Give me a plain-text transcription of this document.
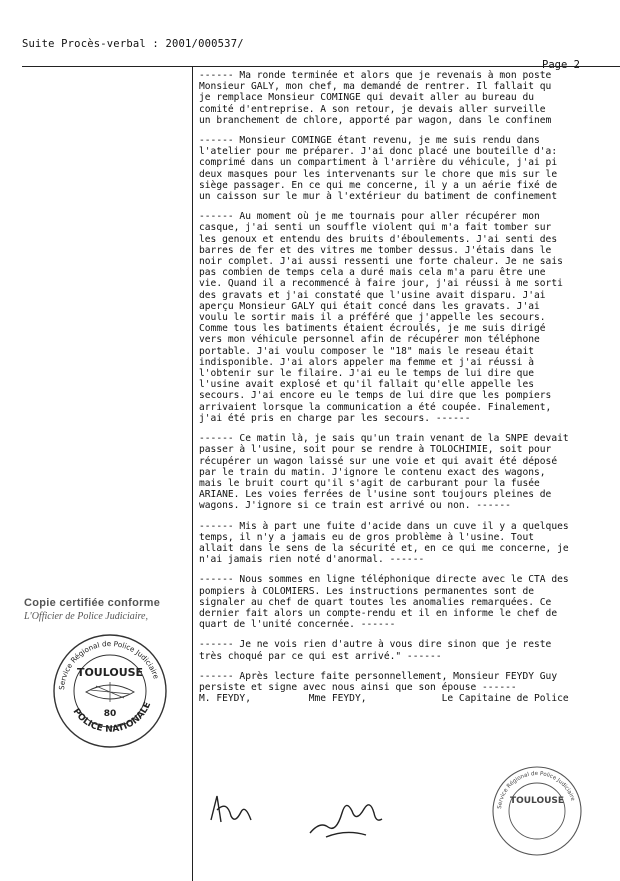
Suite Procès-verbal : 2001/000537/
Page 2
Copie certifiée conforme
L'Officier de Police Judiciaire,
Service Régional de Police Judiciaire
POLICE NATIONALE
TOULOUSE
80

------ Ma ronde terminée et alors que je revenais à mon poste
Monsieur GALY, mon chef, ma demandé de rentrer. Il fallait qu
je remplace Monsieur COMINGE qui devait aller au bureau du
comité d'entreprise. A son retour, je devais aller surveille
un branchement de chlore, apporté par wagon, dans le confinem

------ Monsieur COMINGE étant revenu, je me suis rendu dans
l'atelier pour me préparer. J'ai donc placé une bouteille d'a:
comprimé dans un compartiment à l'arrière du véhicule, j'ai pi
deux masques pour les intervenants sur le chore que mis sur le
siège passager. En ce qui me concerne, il y a un aérie fixé de
un caisson sur le mur à l'extérieur du batiment de confinement

------ Au moment où je me tournais pour aller récupérer mon
casque, j'ai senti un souffle violent qui m'a fait tomber sur
les genoux et entendu des bruits d'éboulements. J'ai senti des
barres de fer et des vitres me tomber dessus. J'étais dans le
noir complet. J'ai aussi ressenti une forte chaleur. Je ne sais
pas combien de temps cela a duré mais cela m'a paru être une
vie. Quand il a recommencé à faire jour, j'ai réussi à me sorti
des gravats et j'ai constaté que l'usine avait disparu. J'ai
aperçu Monsieur GALY qui était concé dans les gravats. J'ai
voulu le sortir mais il a préféré que j'appelle les secours.
Comme tous les batiments étaient écroulés, je me suis dirigé
vers mon véhicule personnel afin de récupérer mon téléphone
portable. J'ai voulu composer le "18" mais le reseau était
indisponible. J'ai alors appeler ma femme et j'ai réussi à
l'obtenir sur le filaire. J'ai eu le temps de lui dire que
l'usine avait explosé et qu'il fallait qu'elle appelle les
secours. J'ai encore eu le temps de lui dire que les pompiers
arrivaient lorsque la communication a été coupée. Finalement,
j'ai été pris en charge par les secours. ------

------ Ce matin là, je sais qu'un train venant de la SNPE devait
passer à l'usine, soit pour se rendre à TOLOCHIMIE, soit pour
récupérer un wagon laissé sur une voie et qui avait été déposé
par le train du matin. J'ignore le contenu exact des wagons,
mais le bruit court qu'il s'agit de carburant pour la fusée
ARIANE. Les voies ferrées de l'usine sont toujours pleines de
wagons. J'ignore si ce train est arrivé ou non. ------

------ Mis à part une fuite d'acide dans un cuve il y a quelques
temps, il n'y a jamais eu de gros problème à l'usine. Tout
allait dans le sens de la sécurité et, en ce qui me concerne, je
n'ai jamais rien noté d'anormal. ------

------ Nous sommes en ligne téléphonique directe avec le CTA des
pompiers à COLOMIERS. Les instructions permanentes sont de
signaler au chef de quart toutes les anomalies remarquées. Ce
dernier fait alors un compte-rendu et il en informe le chef de
quart de l'unité concernée. ------

------ Je ne vois rien d'autre à vous dire sinon que je reste
très choqué par ce qui est arrivé." ------

------ Après lecture faite personnellement, Monsieur FEYDY Guy
persiste et signe avec nous ainsi que son épouse ------

M. FEYDY,          Mme FEYDY,             Le Capitaine de Police

Service Régional de Police Judiciaire
TOULOUSE
